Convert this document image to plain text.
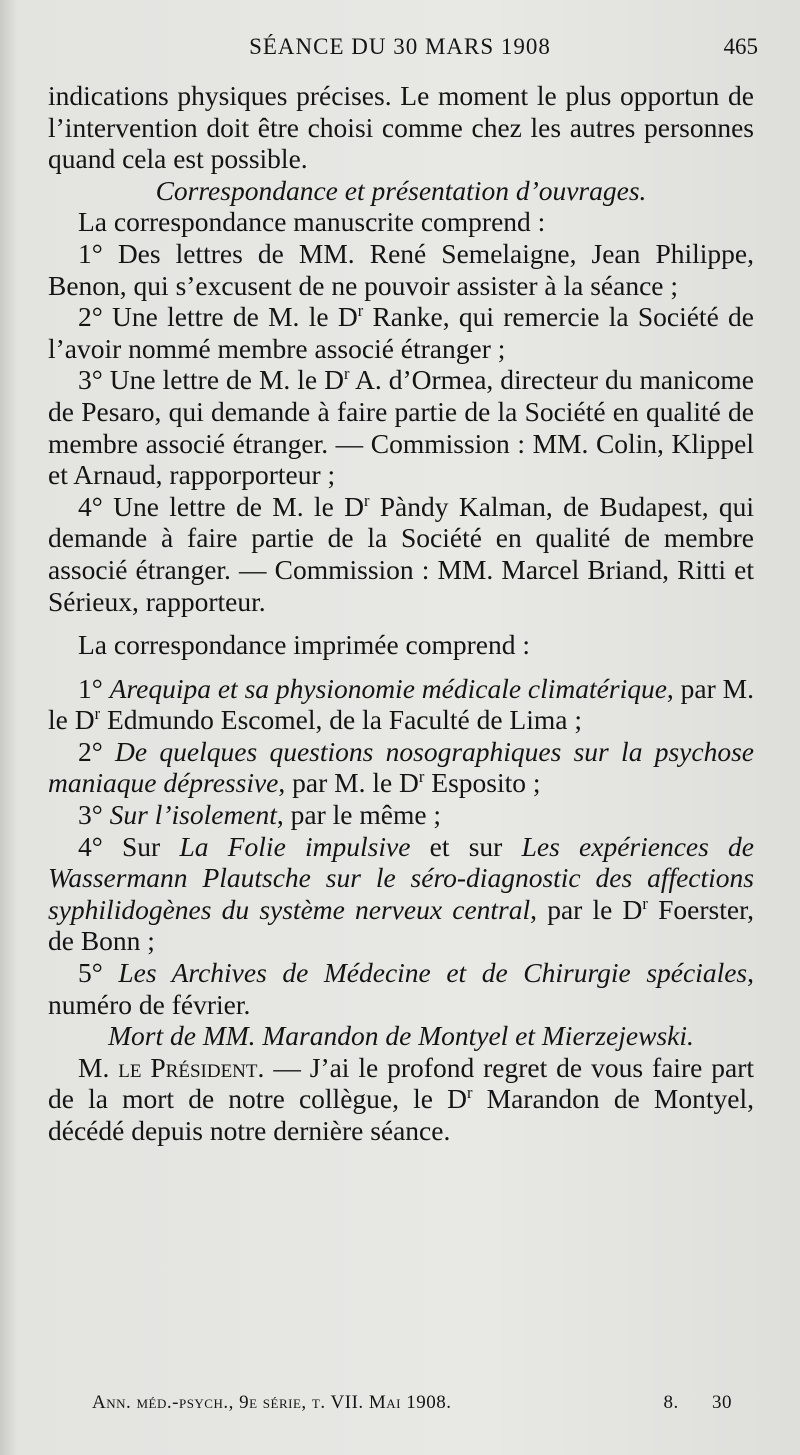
SÉANCE DU 30 MARS 1908	465

indications physiques précises. Le moment le plus opportun de l’intervention doit être choisi comme chez les autres personnes quand cela est possible.

Correspondance et présentation d’ouvrages.

La correspondance manuscrite comprend :

1° Des lettres de MM. René Semelaigne, Jean Philippe, Benon, qui s’excusent de ne pouvoir assister à la séance ;

2° Une lettre de M. le $D^r$ Ranke, qui remercie la Société de l’avoir nommé membre associé étranger ;

3° Une lettre de M. le $D^r$ A. d’Ormea, directeur du manicome de Pesaro, qui demande à faire partie de la Société en qualité de membre associé étranger. — Commission : MM. Colin, Klippel et Arnaud, rapporporteur ;

4° Une lettre de M. le $D^r$ Pàndy Kalman, de Budapest, qui demande à faire partie de la Société en qualité de membre associé étranger. — Commission : MM. Marcel Briand, Ritti et Sérieux, rapporteur.

La correspondance imprimée comprend :

1° Arequipa et sa physionomie médicale climatérique, par M. le $D^r$ Edmundo Escomel, de la Faculté de Lima ;

2° De quelques questions nosographiques sur la psychose maniaque dépressive, par M. le $D^r$ Esposito ;

3° Sur l’isolement, par le même ;

4° Sur La Folie impulsive et sur Les expériences de Wassermann Plautsche sur le séro-diagnostic des affections syphilidogènes du système nerveux central, par le $D^r$ Foerster, de Bonn ;

5° Les Archives de Médecine et de Chirurgie spéciales, numéro de février.

Mort de MM. Marandon de Montyel et Mierzejewski.

M. le Président. — J’ai le profond regret de vous faire part de la mort de notre collègue, le $D^r$ Marandon de Montyel, décédé depuis notre dernière séance.

Ann. méd.-psych., 9e série, t. VII. Mai 1908.	8. 30
